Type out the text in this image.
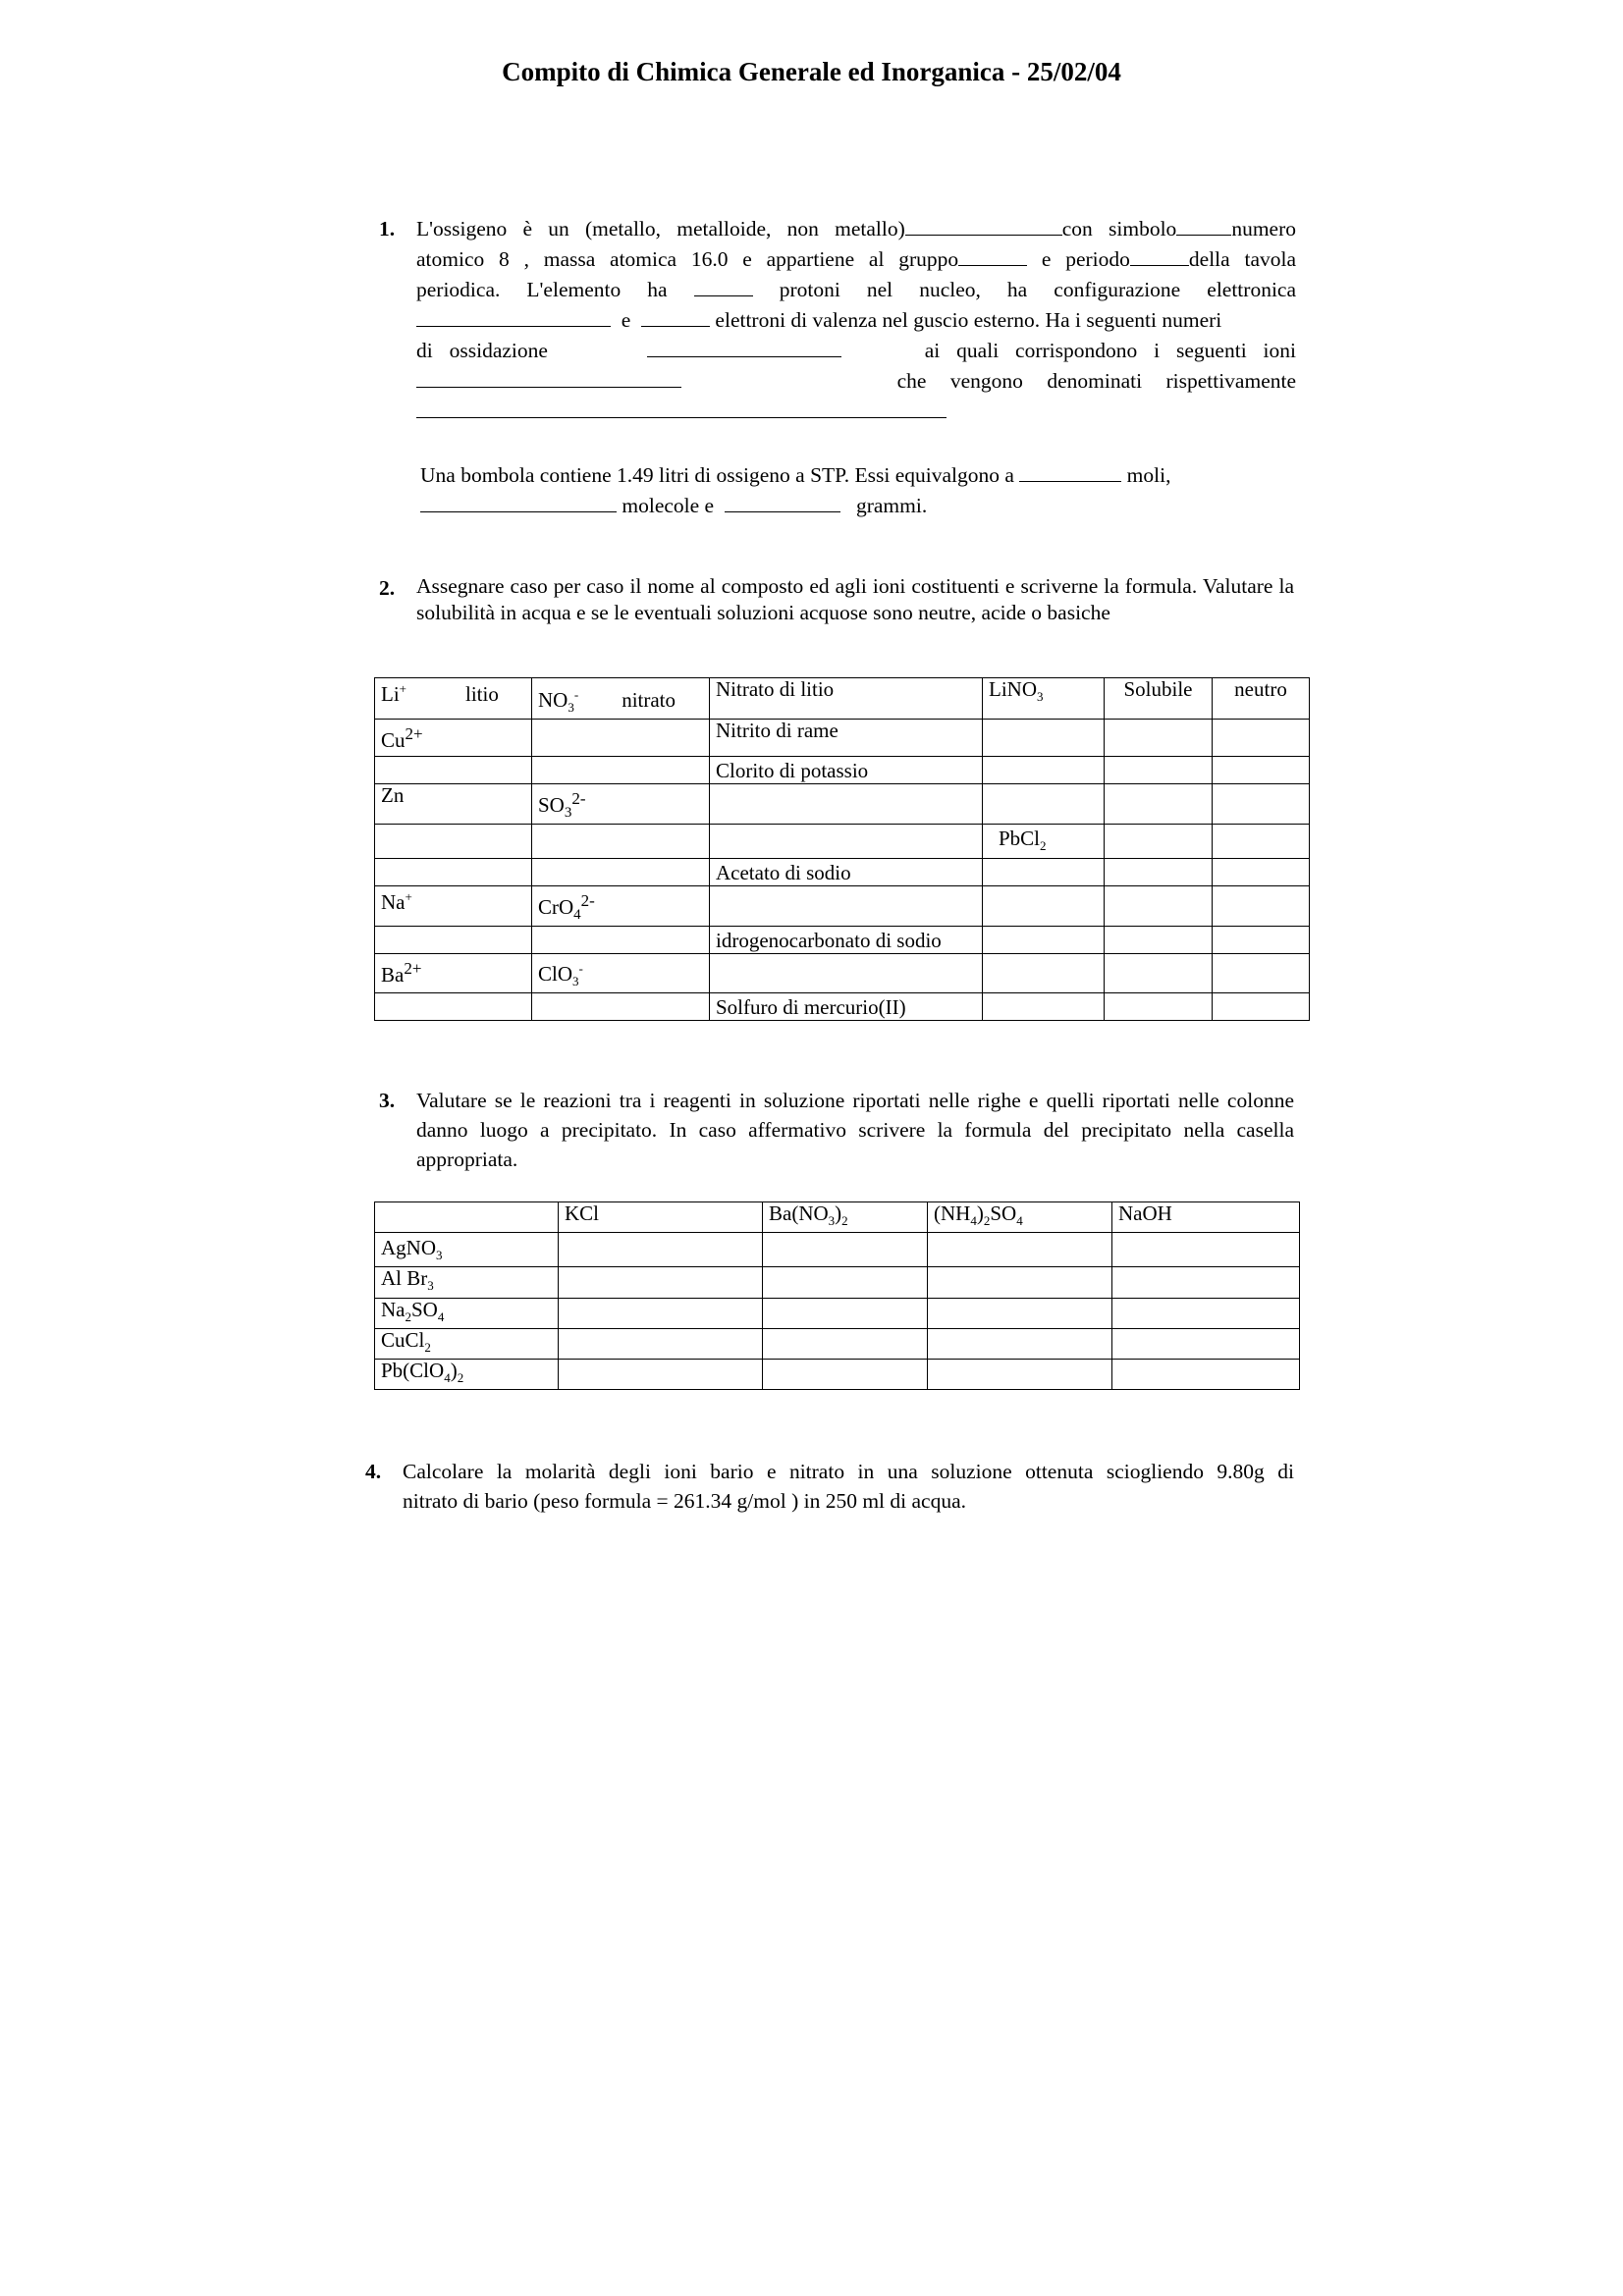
Compito di Chimica Generale ed Inorganica - 25/02/04
1. L'ossigeno è un (metallo, metalloide, non metallo)	con simbolo	numero
atomico 8 , massa atomica 16.0 e appartiene al gruppo	e periodo	della tavola
periodica. L'elemento ha	protoni nel nucleo, ha configurazione elettronica
e	elettroni di valenza nel guscio esterno. Ha i seguenti numeri
di ossidazione	ai quali corrispondono i seguenti ioni
che vengono denominati rispettivamente
Una bombola contiene 1.49 litri di ossigeno a STP. Essi equivalgono a	moli,
molecole e	grammi.
2. Assegnare caso per caso il nome al composto ed agli ioni costituenti e scriverne la formula. Valutare la solubilità in acqua e se le eventuali soluzioni acquose sono neutre, acide o basiche
Li+ litio	$NO_3^-$ nitrato	Nitrato di litio	LiNO$_3$	Solubile	neutro
$Cu^{2+}$		Nitrito di rame			
		Clorito di potassio			
Zn	$SO_3^{2-}$				
			PbCl$_2$		
		Acetato di sodio			
Na+	CrO$_4^{2-}$				
		idrogenocarbonato di sodio			
$Ba^{2+}$	ClO$_3$-				
		Solfuro di mercurio(II)			
3. Valutare se le reazioni tra i reagenti in soluzione riportati nelle righe e quelli riportati nelle colonne danno luogo a precipitato. In caso affermativo scrivere la formula del precipitato nella casella appropriata.
	KCl	$Ba(NO_3)_2$	$(NH_4)_2SO_4$	NaOH
AgNO$_3$				
Al $Br_3$				
$Na_2SO_4$				
CuCl$_2$				
$Pb(ClO_4)_2$				
4. Calcolare la molarità degli ioni bario e nitrato in una soluzione ottenuta sciogliendo 9.80g di
nitrato di bario (peso formula = 261.34 g/mol ) in 250 ml di acqua.
